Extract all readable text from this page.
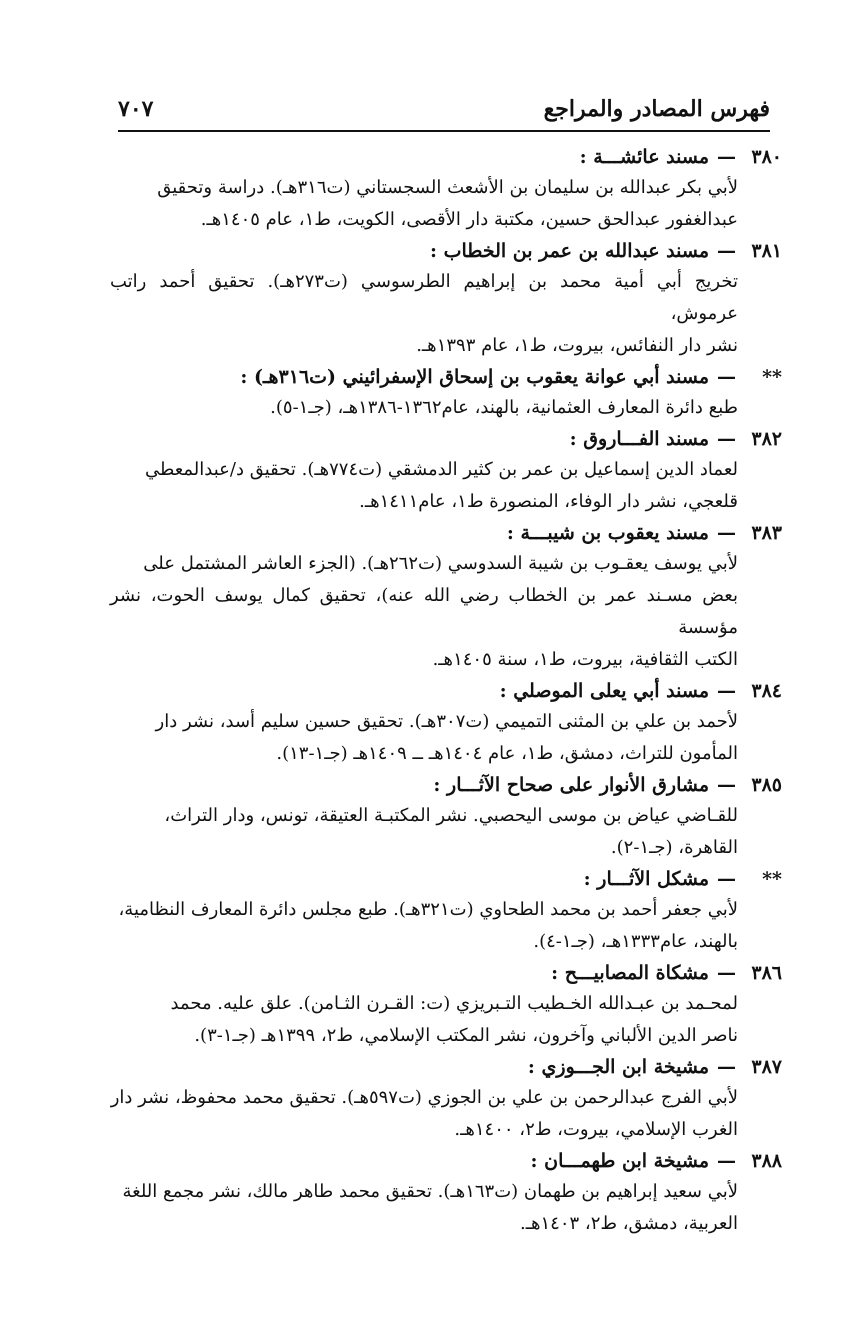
فهرس المصادر والمراجع
٧٠٧
٣٨٠
—
مسند عائشـــة :
لأبي بكر عبدالله بن سليمان بن الأشعث السجستاني (ت٣١٦هـ). دراسة وتحقيق
عبدالغفور عبدالحق حسين، مكتبة دار الأقصى، الكويت، ط١، عام ١٤٠٥هـ.
٣٨١
—
مسند عبدالله بن عمر بن الخطاب :
تخريج أبي أمية محمد بن إبراهيم الطرسوسي (ت٢٧٣هـ). تحقيق أحمد راتب عرموش،
نشر دار النفائس، بيروت، ط١، عام ١٣٩٣هـ.
**
—
مسند أبي عوانة يعقوب بن إسحاق الإسفرائيني (ت٣١٦هـ) :
طبع دائرة المعارف العثمانية، بالهند، عام١٣٦٢-١٣٨٦هـ، (جـ١-٥).
٣٨٢
—
مسند الفـــاروق :
لعماد الدين إسماعيل بن عمر بن كثير الدمشقي (ت٧٧٤هـ). تحقيق د/عبدالمعطي
قلعجي، نشر دار الوفاء، المنصورة ط١، عام١٤١١هـ.
٣٨٣
—
مسند يعقوب بن شيبـــة :
لأبي يوسف يعقـوب بن شيبة السدوسي (ت٢٦٢هـ). (الجزء العاشر المشتمل على
بعض مسـند عمر بن الخطاب رضي الله عنه)، تحقيق كمال يوسف الحوت، نشر مؤسسة
الكتب الثقافية، بيروت، ط١، سنة ١٤٠٥هـ.
٣٨٤
—
مسند أبي يعلى الموصلي :
لأحمد بن علي بن المثنى التميمي (ت٣٠٧هـ). تحقيق حسين سليم أسد، نشر دار
المأمون للتراث، دمشق، ط١، عام ١٤٠٤هـ ــ ١٤٠٩هـ (جـ١-١٣).
٣٨٥
—
مشارق الأنوار على صحاح الآثـــار :
للقـاضي عياض بن موسى اليحصبي. نشر المكتبـة العتيقة، تونس، ودار التراث،
القاهرة، (جـ١-٢).
**
—
مشكل الآثـــار :
لأبي جعفر أحمد بن محمد الطحاوي (ت٣٢١هـ). طبع مجلس دائرة المعارف النظامية،
بالهند، عام١٣٣٣هـ، (جـ١-٤).
٣٨٦
—
مشكاة المصابيـــح :
لمحـمد بن عبـدالله الخـطيب التـبريزي (ت: القـرن الثـامن). علق عليه. محمد
ناصر الدين الألباني وآخرون، نشر المكتب الإسلامي، ط٢، ١٣٩٩هـ (جـ١-٣).
٣٨٧
—
مشيخة ابن الجـــوزي :
لأبي الفرج عبدالرحمن بن علي بن الجوزي (ت٥٩٧هـ). تحقيق محمد محفوظ، نشر دار
الغرب الإسلامي، بيروت، ط٢، ١٤٠٠هـ.
٣٨٨
—
مشيخة ابن طهمـــان :
لأبي سعيد إبراهيم بن طهمان (ت١٦٣هـ). تحقيق محمد طاهر مالك، نشر مجمع اللغة
العربية، دمشق، ط٢، ١٤٠٣هـ.
